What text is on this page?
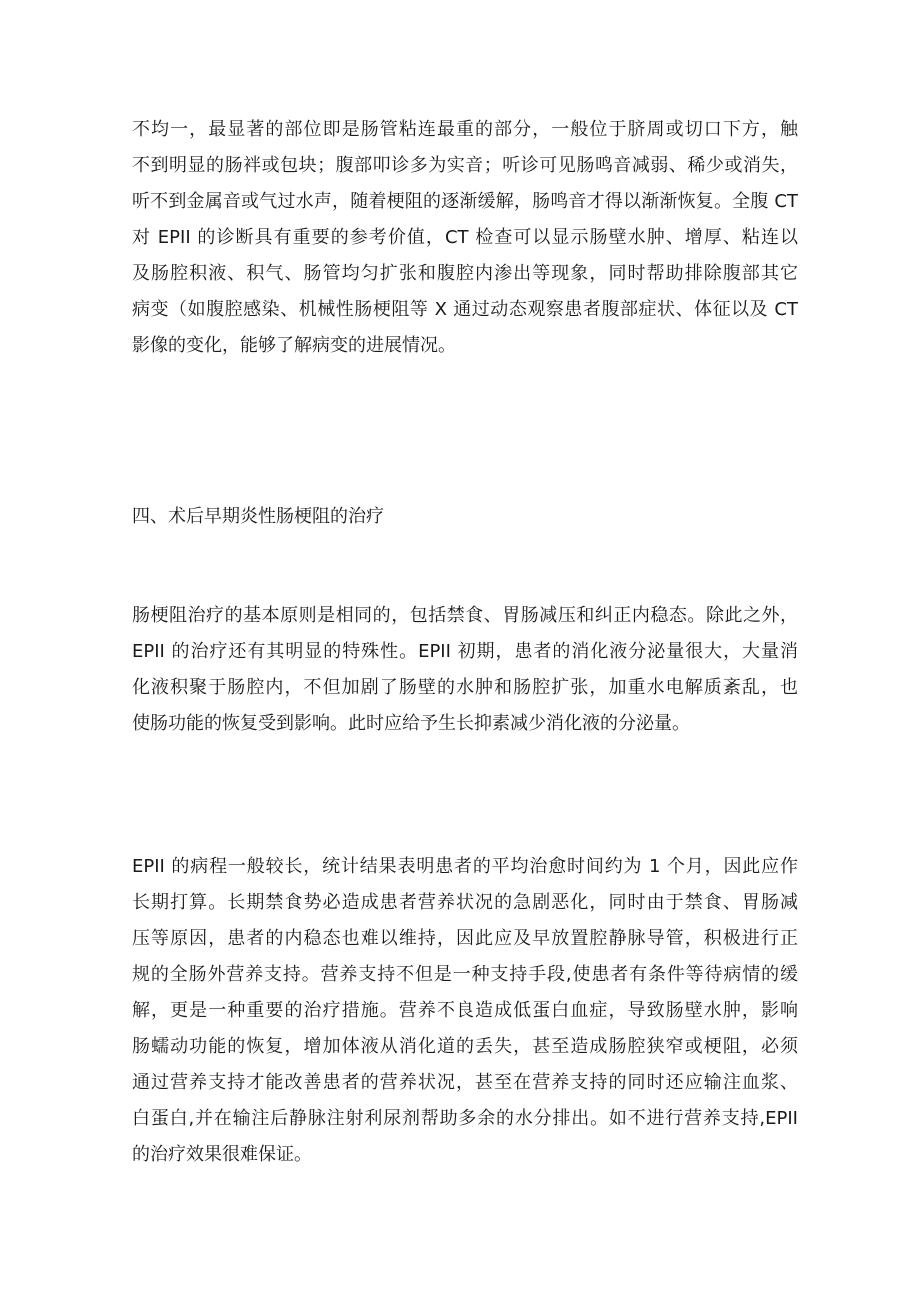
不均一，最显著的部位即是肠管粘连最重的部分，一般位于脐周或切口下方，触
不到明显的肠袢或包块；腹部叩诊多为实音；听诊可见肠鸣音减弱、稀少或消失，
听不到金属音或气过水声，随着梗阻的逐渐缓解，肠鸣音才得以渐渐恢复。全腹 CT
对 EPII 的诊断具有重要的参考价值，CT 检查可以显示肠壁水肿、增厚、粘连以
及肠腔积液、积气、肠管均匀扩张和腹腔内渗出等现象，同时帮助排除腹部其它
病变（如腹腔感染、机械性肠梗阻等 X 通过动态观察患者腹部症状、体征以及 CT
影像的变化，能够了解病变的进展情况。
四、术后早期炎性肠梗阻的治疗
肠梗阻治疗的基本原则是相同的，包括禁食、胃肠减压和纠正内稳态。除此之外，
EPII 的治疗还有其明显的特殊性。EPII 初期，患者的消化液分泌量很大，大量消
化液积聚于肠腔内，不但加剧了肠壁的水肿和肠腔扩张，加重水电解质紊乱，也
使肠功能的恢复受到影响。此时应给予生长抑素减少消化液的分泌量。
EPII 的病程一般较长，统计结果表明患者的平均治愈时间约为 1 个月，因此应作
长期打算。长期禁食势必造成患者营养状况的急剧恶化，同时由于禁食、胃肠减
压等原因，患者的内稳态也难以维持，因此应及早放置腔静脉导管，积极进行正
规的全肠外营养支持。营养支持不但是一种支持手段,使患者有条件等待病情的缓
解，更是一种重要的治疗措施。营养不良造成低蛋白血症，导致肠壁水肿，影响
肠蠕动功能的恢复，增加体液从消化道的丢失，甚至造成肠腔狭窄或梗阻，必须
通过营养支持才能改善患者的营养状况，甚至在营养支持的同时还应输注血浆、
白蛋白,并在输注后静脉注射利尿剂帮助多余的水分排出。如不进行营养支持,EPII
的治疗效果很难保证。
